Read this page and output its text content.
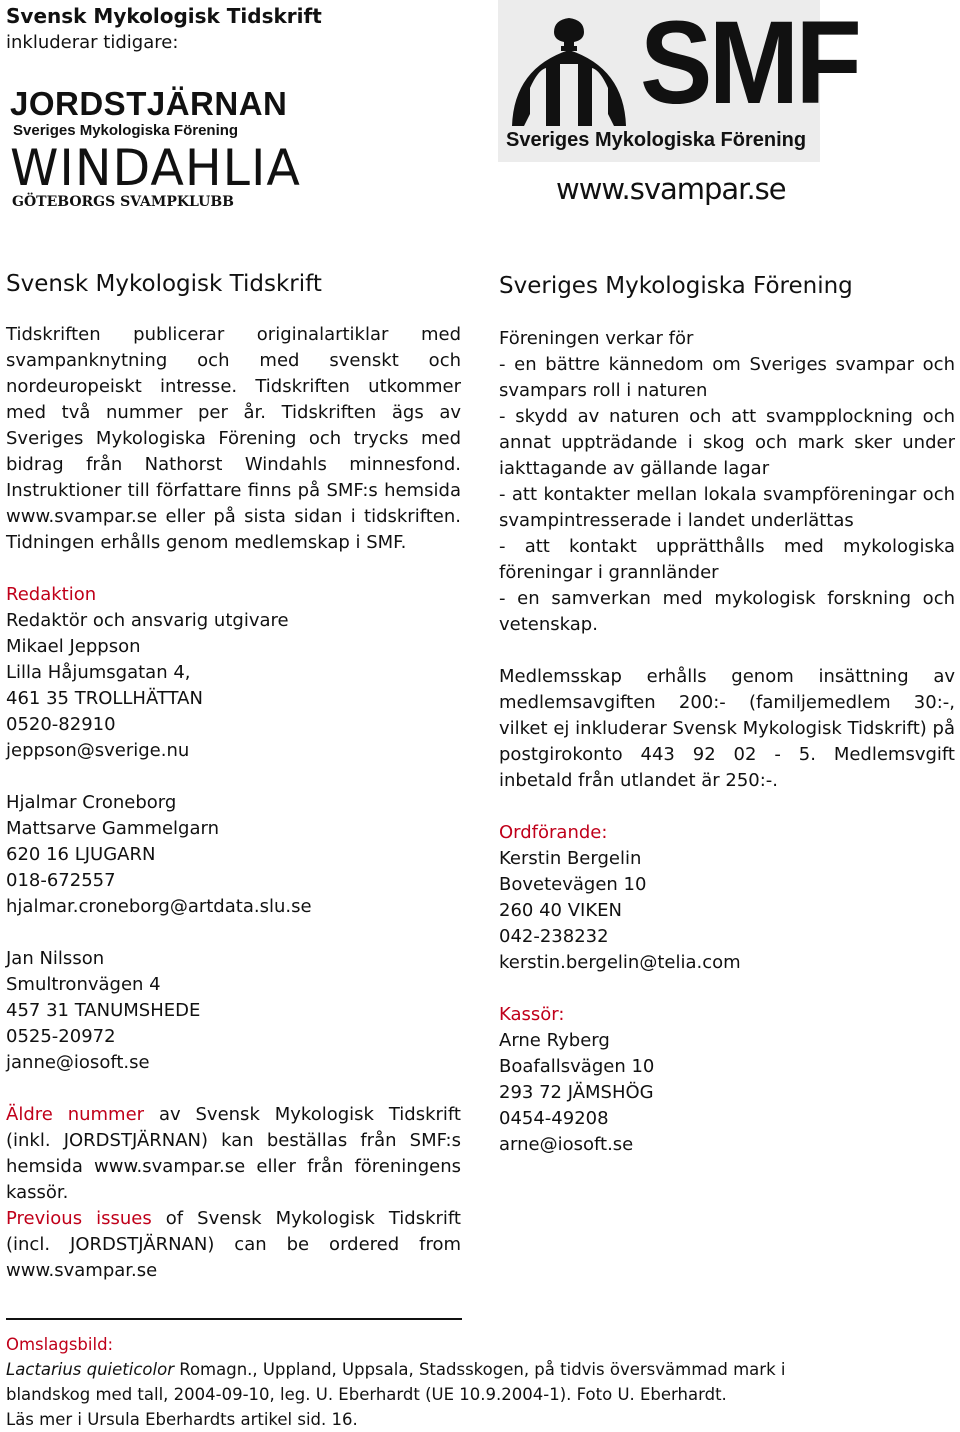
Svensk Mykologisk Tidskrift
inkluderar tidigare:
JORDSTJÄRNAN
Sveriges Mykologiska Förening
WINDAHLIA
GÖTEBORGS SVAMPKLUBB
SMF
Sveriges Mykologiska Förening
www.svampar.se
Svensk Mykologisk Tidskrift

Tidskriften publicerar originalartiklar med svampanknytning och med svenskt och nordeuropeiskt intresse. Tidskriften utkommer med två nummer per år. Tidskriften ägs av Sveriges Mykologiska Förening och trycks med bidrag från Nathorst Windahls minnesfond. Instruktioner till författare finns på SMF:s hemsida www.svampar.se eller på sista sidan i tidskriften. Tidningen erhålls genom medlemskap i SMF.

Redaktion
Redaktör och ansvarig utgivare
Mikael Jeppson
Lilla Håjumsgatan 4,
461 35 TROLLHÄTTAN
0520-82910
jeppson@sverige.nu
Hjalmar Croneborg
Mattsarve Gammelgarn
620 16 LJUGARN
018-672557
hjalmar.croneborg@artdata.slu.se
Jan Nilsson
Smultronvägen 4
457 31 TANUMSHEDE
0525-20972
janne@iosoft.se

Äldre nummer av Svensk Mykologisk Tidskrift (inkl. JORDSTJÄRNAN) kan beställas från SMF:s hemsida www.svampar.se eller från föreningens kassör.

Previous issues of Svensk Mykologisk Tidskrift (incl. JORDSTJÄRNAN) can be ordered from www.svampar.se

Sveriges Mykologiska Förening
Föreningen verkar för

- en bättre kännedom om Sveriges svampar och svampars roll i naturen

- skydd av naturen och att svampplockning och annat uppträdande i skog och mark sker under iakttagande av gällande lagar

- att kontakter mellan lokala svampföreningar och svampintresserade i landet underlättas

- att kontakt upprätthålls med mykologiska föreningar i grannländer

- en samverkan med mykologisk forskning och vetenskap.

Medlemsskap erhålls genom insättning av medlemsavgiften 200:- (familjemedlem 30:-, vilket ej inkluderar Svensk Mykologisk Tidskrift) på postgirokonto 443 92 02 - 5. Medlemsvgift inbetald från utlandet är 250:-.

Ordförande:
Kerstin Bergelin
Bovetevägen 10
260 40 VIKEN
042-238232
kerstin.bergelin@telia.com
Kassör:
Arne Ryberg
Boafallsvägen 10
293 72 JÄMSHÖG
0454-49208
arne@iosoft.se
Omslagsbild:
Lactarius quieticolor Romagn., Uppland, Uppsala, Stadsskogen, på tidvis översvämmad mark i
blandskog med tall, 2004-09-10, leg. U. Eberhardt (UE 10.9.2004-1). Foto U. Eberhardt.
Läs mer i Ursula Eberhardts artikel sid. 16.
